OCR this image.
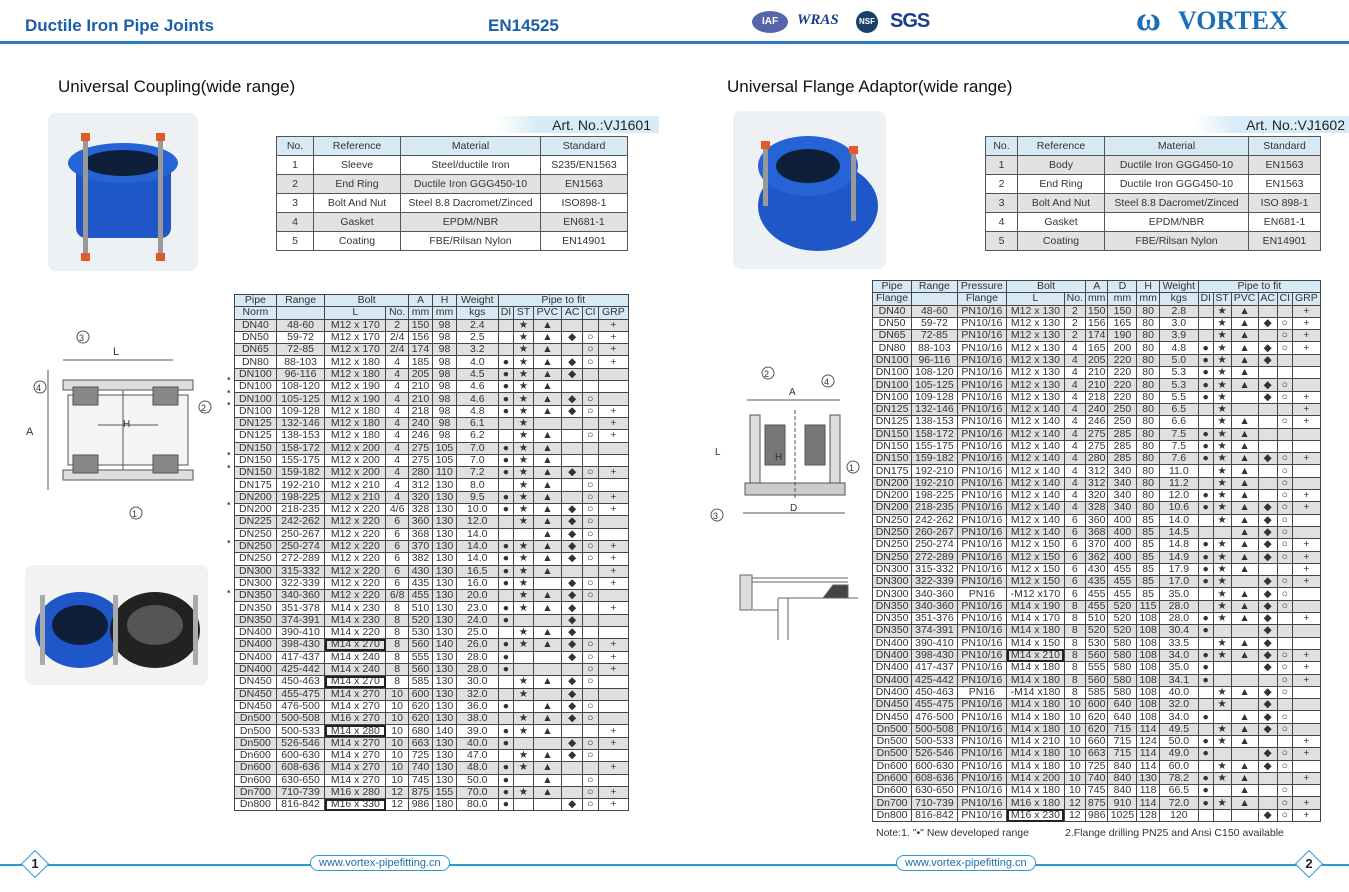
Ductile Iron Pipe Joints	EN14525	IAF	WRAS	NSF SGS	ω VORTEX
Universal Coupling(wide range)
Art. No.:VJ1601
No.	Reference	Material	Standard
1	Sleeve	Steel/ductile Iron	S235/EN1563
2	End Ring	Ductile Iron GGG450-10	EN1563
3	Bolt And Nut	Steel 8.8 Dacromet/Zinced	ISO898-1
4	Gasket	EPDM/NBR	EN681-1
5	Coating	FBE/Rilsan Nylon	EN14901
L
A
H
3
4
2
1
Pipe	Range	Bolt		A	H	Weight	Pipe to fit					
Norm		L	No.	mm	mm	kgs	DI	ST	PVC	AC	CI	GRP
DN40	48-60	M12 x 170	2	150	98	2.4		★	▲			+
DN50	59-72	M12 x 170	2/4	156	98	2.5		★	▲	◆	○	+
DN65	72-85	M12 x 170	2/4	174	98	3.2		★	▲		○	+
DN80	88-103	M12 x 180	4	185	98	4.0	●	★	▲	◆	○	+
DN100	96-116	M12 x 180	4	205	98	4.5	●	★	▲	◆		
DN100	108-120	M12 x 190	4	210	98	4.6	●	★	▲			
DN100	105-125	M12 x 190	4	210	98	4.6	●	★	▲	◆	○	
DN100	109-128	M12 x 180	4	218	98	4.8	●	★	▲	◆	○	+
DN125	132-146	M12 x 180	4	240	98	6.1		★				+
DN125	138-153	M12 x 180	4	246	98	6.2		★	▲		○	+
DN150	158-172	M12 x 200	4	275	105	7.0	●	★	▲			
DN150	155-175	M12 x 200	4	275	105	7.0	●	★	▲			
DN150	159-182	M12 x 200	4	280	110	7.2	●	★	▲	◆	○	+
DN175	192-210	M12 x 210	4	312	130	8.0		★	▲		○	
DN200	198-225	M12 x 210	4	320	130	9.5	●	★	▲		○	+
DN200	218-235	M12 x 220	4/6	328	130	10.0	●	★	▲	◆	○	+
DN225	242-262	M12 x 220	6	360	130	12.0		★	▲	◆	○	
DN250	250-267	M12 x 220	6	368	130	14.0			▲	◆	○	
DN250	250-274	M12 x 220	6	370	130	14.0	●	★	▲	◆	○	+
DN250	272-289	M12 x 220	6	382	130	14.0	●	★	▲	◆	○	+
DN300	315-332	M12 x 220	6	430	130	16.5	●	★	▲			+
DN300	322-339	M12 x 220	6	435	130	16.0	●	★		◆	○	+
DN350	340-360	M12 x 220	6/8	455	130	20.0		★	▲	◆	○	
DN350	351-378	M14 x 230	8	510	130	23.0	●	★	▲	◆		+
DN350	374-391	M14 x 230	8	520	130	24.0	●			◆		
DN400	390-410	M14 x 220	8	530	130	25.0		★	▲	◆		
DN400	398-430	M14 x 270	8	560	140	26.0	●	★	▲	◆	○	+
DN400	417-437	M14 x 240	8	555	130	28.0	●			◆	○	+
DN400	425-442	M14 x 240	8	560	130	28.0	●				○	+
DN450	450-463	M14 x 270	8	585	130	30.0		★	▲	◆	○	
DN450	455-475	M14 x 270	10	600	130	32.0		★		◆		
DN450	476-500	M14 x 270	10	620	130	36.0	●		▲	◆	○	
Dn500	500-508	M16 x 270	10	620	130	38.0		★	▲	◆	○	
Dn500	500-533	M14 x 280	10	680	140	39.0	●	★	▲			+
Dn500	526-546	M14 x 270	10	663	130	40.0	●			◆	○	+
Dn600	600-630	M14 x 270	10	725	130	47.0		★	▲	◆	○	
Dn600	608-636	M14 x 270	10	740	130	48.0	●	★	▲			+
Dn600	630-650	M14 x 270	10	745	130	50.0	●		▲		○	
Dn700	710-739	M16 x 280	12	875	155	70.0	●	★	▲		○	+
Dn800	816-842	M16 x 330	12	986	180	80.0	●			◆	○	+
•
•
•

•
•

•

•

•

Universal Flange Adaptor(wide range)
Art. No.:VJ1602
No.	Reference	Material	Standard
1	Body	Ductile Iron GGG450-10	EN1563
2	End Ring	Ductile Iron GGG450-10	EN1563
3	Bolt And Nut	Steel 8.8 Dacromet/Zinced	ISO 898-1
4	Gasket	EPDM/NBR	EN681-1
5	Coating	FBE/Rilsan Nylon	EN14901
A
D
L	H
2
4
1
3
Pipe	Range	Pressure	Bolt		A	D	H	Weight	Pipe to fit					
Flange		Flange	L	No.	mm	mm	mm	kgs	DI	ST	PVC	AC	CI	GRP
DN40	48-60	PN10/16	M12 x 130	2	150	150	80	2.8		★	▲			+
DN50	59-72	PN10/16	M12 x 130	2	156	165	80	3.0		★	▲	◆	○	+
DN65	72-85	PN10/16	M12 x 130	2	174	190	80	3.9		★	▲		○	+
DN80	88-103	PN10/16	M12 x 130	4	165	200	80	4.8	●	★	▲	◆	○	+
DN100	96-116	PN10/16	M12 x 130	4	205	220	80	5.0	●	★	▲	◆		
DN100	108-120	PN10/16	M12 x 130	4	210	220	80	5.3	●	★	▲			
DN100	105-125	PN10/16	M12 x 130	4	210	220	80	5.3	●	★	▲	◆	○	
DN100	109-128	PN10/16	M12 x 130	4	218	220	80	5.5	●	★		◆	○	+
DN125	132-146	PN10/16	M12 x 140	4	240	250	80	6.5		★				+
DN125	138-153	PN10/16	M12 x 140	4	246	250	80	6.6		★	▲		○	+
DN150	158-172	PN10/16	M12 x 140	4	275	285	80	7.5	●	★	▲			
DN150	155-175	PN10/16	M12 x 140	4	275	285	80	7.5	●	★	▲			
DN150	159-182	PN10/16	M12 x 140	4	280	285	80	7.6	●	★	▲	◆	○	+
DN175	192-210	PN10/16	M12 x 140	4	312	340	80	11.0		★	▲		○	
DN200	192-210	PN10/16	M12 x 140	4	312	340	80	11.2		★	▲		○	
DN200	198-225	PN10/16	M12 x 140	4	320	340	80	12.0	●	★	▲		○	+
DN200	218-235	PN10/16	M12 x 140	4	328	340	80	10.6	●	★	▲	◆	○	+
DN250	242-262	PN10/16	M12 x 140	6	360	400	85	14.0		★	▲	◆	○	
DN250	260-267	PN10/16	M12 x 140	6	368	400	85	14.5			▲	◆	○	
DN250	250-274	PN10/16	M12 x 150	6	370	400	85	14.8	●	★	▲	◆	○	+
DN250	272-289	PN10/16	M12 x 150	6	362	400	85	14.9	●	★	▲	◆	○	+
DN300	315-332	PN10/16	M12 x 150	6	430	455	85	17.9	●	★	▲			+
DN300	322-339	PN10/16	M12 x 150	6	435	455	85	17.0	●	★		◆	○	+
DN300	340-360	PN16	-M12 x170	6	455	455	85	35.0		★	▲	◆	○	
DN350	340-360	PN10/16	M14 x 190	8	455	520	115	28.0		★	▲	◆	○	
DN350	351-376	PN10/16	M14 x 170	8	510	520	108	28.0	●	★	▲	◆		+
DN350	374-391	PN10/16	M14 x 180	8	520	520	108	30.4	●			◆		
DN400	390-410	PN10/16	M14 x 150	8	530	580	108	33.5		★	▲	◆		
DN400	398-430	PN10/16	M14 x 210	8	560	580	108	34.0	●	★	▲	◆	○	+
DN400	417-437	PN10/16	M14 x 180	8	555	580	108	35.0	●			◆	○	+
DN400	425-442	PN10/16	M14 x 180	8	560	580	108	34.1	●				○	+
DN400	450-463	PN16	-M14 x180	8	585	580	108	40.0		★	▲	◆	○	
DN450	455-475	PN10/16	M14 x 180	10	600	640	108	32.0		★		◆		
DN450	476-500	PN10/16	M14 x 180	10	620	640	108	34.0	●		▲	◆	○	
Dn500	500-508	PN10/16	M14 x 180	10	620	715	114	49.5		★	▲	◆	○	
Dn500	500-533	PN10/16	M14 x 210	10	660	715	124	50.0	●	★	▲			+
Dn500	526-546	PN10/16	M14 x 180	10	663	715	114	49.0	●			◆	○	+
Dn600	600-630	PN10/16	M14 x 180	10	725	840	114	60.0		★	▲	◆	○	
Dn600	608-636	PN10/16	M14 x 200	10	740	840	130	78.2	●	★	▲			+
Dn600	630-650	PN10/16	M14 x 180	10	745	840	118	66.5	●		▲		○	
Dn700	710-739	PN10/16	M16 x 180	12	875	910	114	72.0	●	★	▲		○	+
Dn800	816-842	PN10/16	M16 x 230	12	986	1025	128	120				◆	○	+
Note:1. "•" New developed range	2.Flange drilling PN25 and Ansi C150 available
1	www.vortex-pipefitting.cn	www.vortex-pipefitting.cn	2
